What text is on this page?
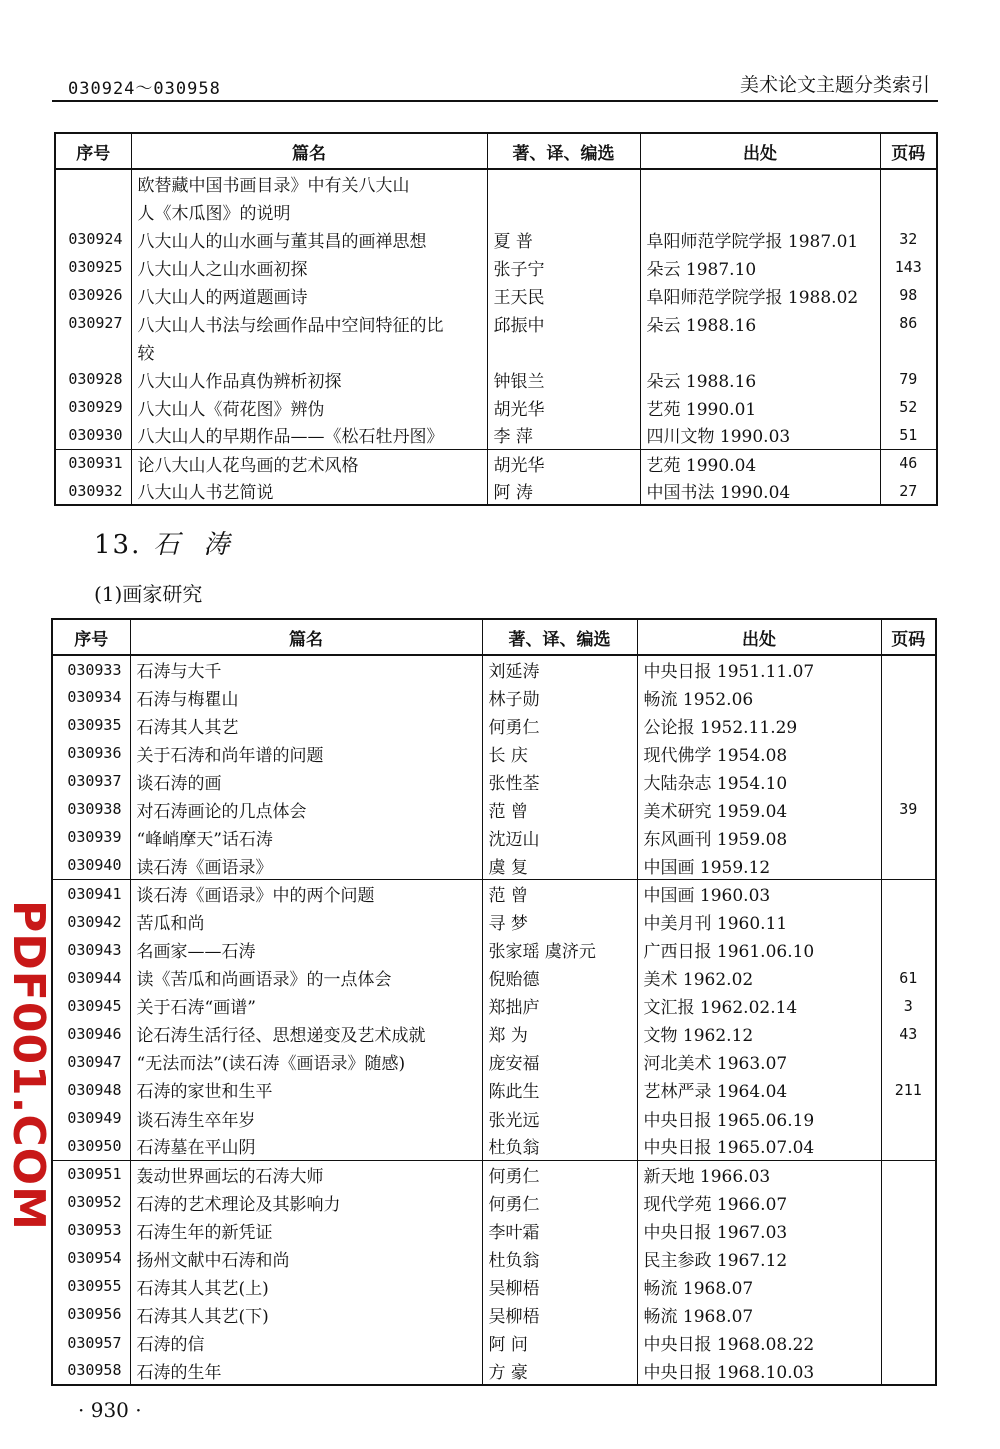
030924～030958	美术论文主题分类索引
序号	篇名	著、译、编选	出处	页码
	欧替藏中国书画目录》中有关八大山			
	人《木瓜图》的说明			
030924	八大山人的山水画与董其昌的画禅思想	夏 普	阜阳师范学院学报 1987.01	32
030925	八大山人之山水画初探	张子宁	朵云 1987.10	143
030926	八大山人的两道题画诗	王天民	阜阳师范学院学报 1988.02	98
030927	八大山人书法与绘画作品中空间特征的比	邱振中	朵云 1988.16	86
	较			
030928	八大山人作品真伪辨析初探	钟银兰	朵云 1988.16	79
030929	八大山人《荷花图》辨伪	胡光华	艺苑 1990.01	52
030930	八大山人的早期作品——《松石牡丹图》	李 萍	四川文物 1990.03	51
030931	论八大山人花鸟画的艺术风格	胡光华	艺苑 1990.04	46
030932	八大山人书艺简说	阿 涛	中国书法 1990.04	27
13. 石涛
(1)画家研究
序号	篇名	著、译、编选	出处	页码
030933	石涛与大千	刘延涛	中央日报 1951.11.07	
030934	石涛与梅瞿山	林子勋	畅流 1952.06	
030935	石涛其人其艺	何勇仁	公论报 1952.11.29	
030936	关于石涛和尚年谱的问题	长 庆	现代佛学 1954.08	
030937	谈石涛的画	张性荃	大陆杂志 1954.10	
030938	对石涛画论的几点体会	范 曾	美术研究 1959.04	39
030939	“峰峭摩天”话石涛	沈迈山	东风画刊 1959.08	
030940	读石涛《画语录》	虞 复	中国画 1959.12	
030941	谈石涛《画语录》中的两个问题	范 曾	中国画 1960.03	
030942	苦瓜和尚	寻 梦	中美月刊 1960.11	
030943	名画家——石涛	张家瑶 虞济元	广西日报 1961.06.10	
030944	读《苦瓜和尚画语录》的一点体会	倪贻德	美术 1962.02	61
030945	关于石涛“画谱”	郑拙庐	文汇报 1962.02.14	3
030946	论石涛生活行径、思想递变及艺术成就	郑 为	文物 1962.12	43
030947	“无法而法”(读石涛《画语录》随感)	庞安福	河北美术 1963.07	
030948	石涛的家世和生平	陈此生	艺林严录 1964.04	211
030949	谈石涛生卒年岁	张光远	中央日报 1965.06.19	
030950	石涛墓在平山阴	杜负翁	中央日报 1965.07.04	
030951	轰动世界画坛的石涛大师	何勇仁	新天地 1966.03	
030952	石涛的艺术理论及其影响力	何勇仁	现代学苑 1966.07	
030953	石涛生年的新凭证	李叶霜	中央日报 1967.03	
030954	扬州文献中石涛和尚	杜负翁	民主参政 1967.12	
030955	石涛其人其艺(上)	吴柳梧	畅流 1968.07	
030956	石涛其人其艺(下)	吴柳梧	畅流 1968.07	
030957	石涛的信	阿 问	中央日报 1968.08.22	
030958	石涛的生年	方 豪	中央日报 1968.10.03	
PDF001.COM
· 930 ·
